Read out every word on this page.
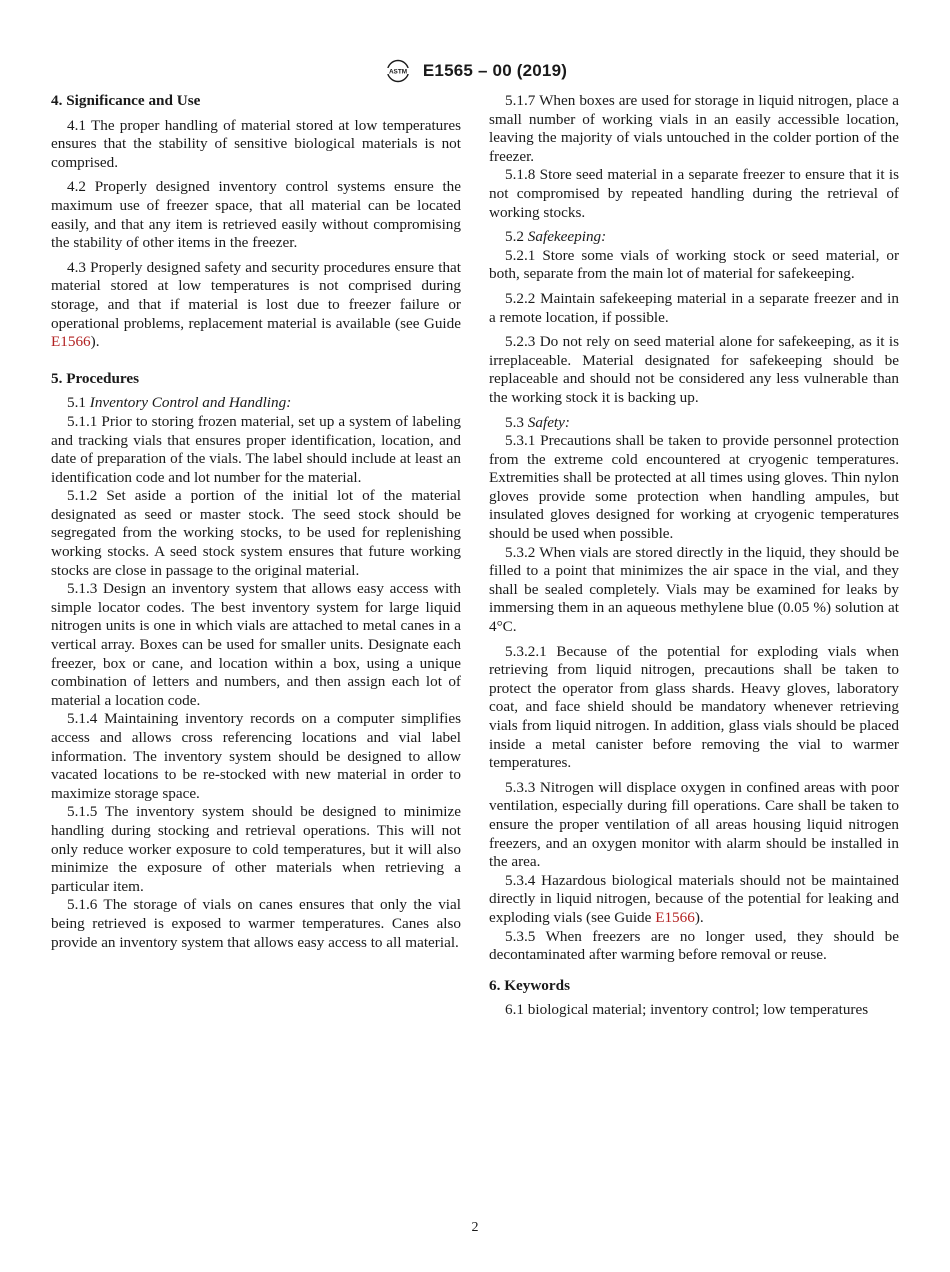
ASTM E1565 – 00 (2019)
4. Significance and Use

4.1 The proper handling of material stored at low temperatures ensures that the stability of sensitive biological materials is not comprised.

4.2 Properly designed inventory control systems ensure the maximum use of freezer space, that all material can be located easily, and that any item is retrieved easily without compromising the stability of other items in the freezer.

4.3 Properly designed safety and security procedures ensure that material stored at low temperatures is not comprised during storage, and that if material is lost due to freezer failure or operational problems, replacement material is available (see Guide E1566).

5. Procedures

5.1 Inventory Control and Handling:

5.1.1 Prior to storing frozen material, set up a system of labeling and tracking vials that ensures proper identification, location, and date of preparation of the vials. The label should include at least an identification code and lot number for the material.

5.1.2 Set aside a portion of the initial lot of the material designated as seed or master stock. The seed stock should be segregated from the working stocks, to be used for replenishing working stocks. A seed stock system ensures that future working stocks are close in passage to the original material.

5.1.3 Design an inventory system that allows easy access with simple locator codes. The best inventory system for large liquid nitrogen units is one in which vials are attached to metal canes in a vertical array. Boxes can be used for smaller units. Designate each freezer, box or cane, and location within a box, using a unique combination of letters and numbers, and then assign each lot of material a location code.

5.1.4 Maintaining inventory records on a computer simplifies access and allows cross referencing locations and vial label information. The inventory system should be designed to allow vacated locations to be re-stocked with new material in order to maximize storage space.

5.1.5 The inventory system should be designed to minimize handling during stocking and retrieval operations. This will not only reduce worker exposure to cold temperatures, but it will also minimize the exposure of other materials when retrieving a particular item.

5.1.6 The storage of vials on canes ensures that only the vial being retrieved is exposed to warmer temperatures. Canes also provide an inventory system that allows easy access to all material.

5.1.7 When boxes are used for storage in liquid nitrogen, place a small number of working vials in an easily accessible location, leaving the majority of vials untouched in the colder portion of the freezer.

5.1.8 Store seed material in a separate freezer to ensure that it is not compromised by repeated handling during the retrieval of working stocks.

5.2 Safekeeping:

5.2.1 Store some vials of working stock or seed material, or both, separate from the main lot of material for safekeeping.

5.2.2 Maintain safekeeping material in a separate freezer and in a remote location, if possible.

5.2.3 Do not rely on seed material alone for safekeeping, as it is irreplaceable. Material designated for safekeeping should be replaceable and should not be considered any less vulnerable than the working stock it is backing up.

5.3 Safety:

5.3.1 Precautions shall be taken to provide personnel protection from the extreme cold encountered at cryogenic temperatures. Extremities shall be protected at all times using gloves. Thin nylon gloves provide some protection when handling ampules, but insulated gloves designed for working at cryogenic temperatures should be used when possible.

5.3.2 When vials are stored directly in the liquid, they should be filled to a point that minimizes the air space in the vial, and they shall be sealed completely. Vials may be examined for leaks by immersing them in an aqueous methylene blue (0.05 %) solution at 4°C.

5.3.2.1 Because of the potential for exploding vials when retrieving from liquid nitrogen, precautions shall be taken to protect the operator from glass shards. Heavy gloves, laboratory coat, and face shield should be mandatory whenever retrieving vials from liquid nitrogen. In addition, glass vials should be placed inside a metal canister before removing the vial to warmer temperatures.

5.3.3 Nitrogen will displace oxygen in confined areas with poor ventilation, especially during fill operations. Care shall be taken to ensure the proper ventilation of all areas housing liquid nitrogen freezers, and an oxygen monitor with alarm should be installed in the area.

5.3.4 Hazardous biological materials should not be maintained directly in liquid nitrogen, because of the potential for leaking and exploding vials (see Guide E1566).

5.3.5 When freezers are no longer used, they should be decontaminated after warming before removal or reuse.

6. Keywords

6.1 biological material; inventory control; low temperatures

2
